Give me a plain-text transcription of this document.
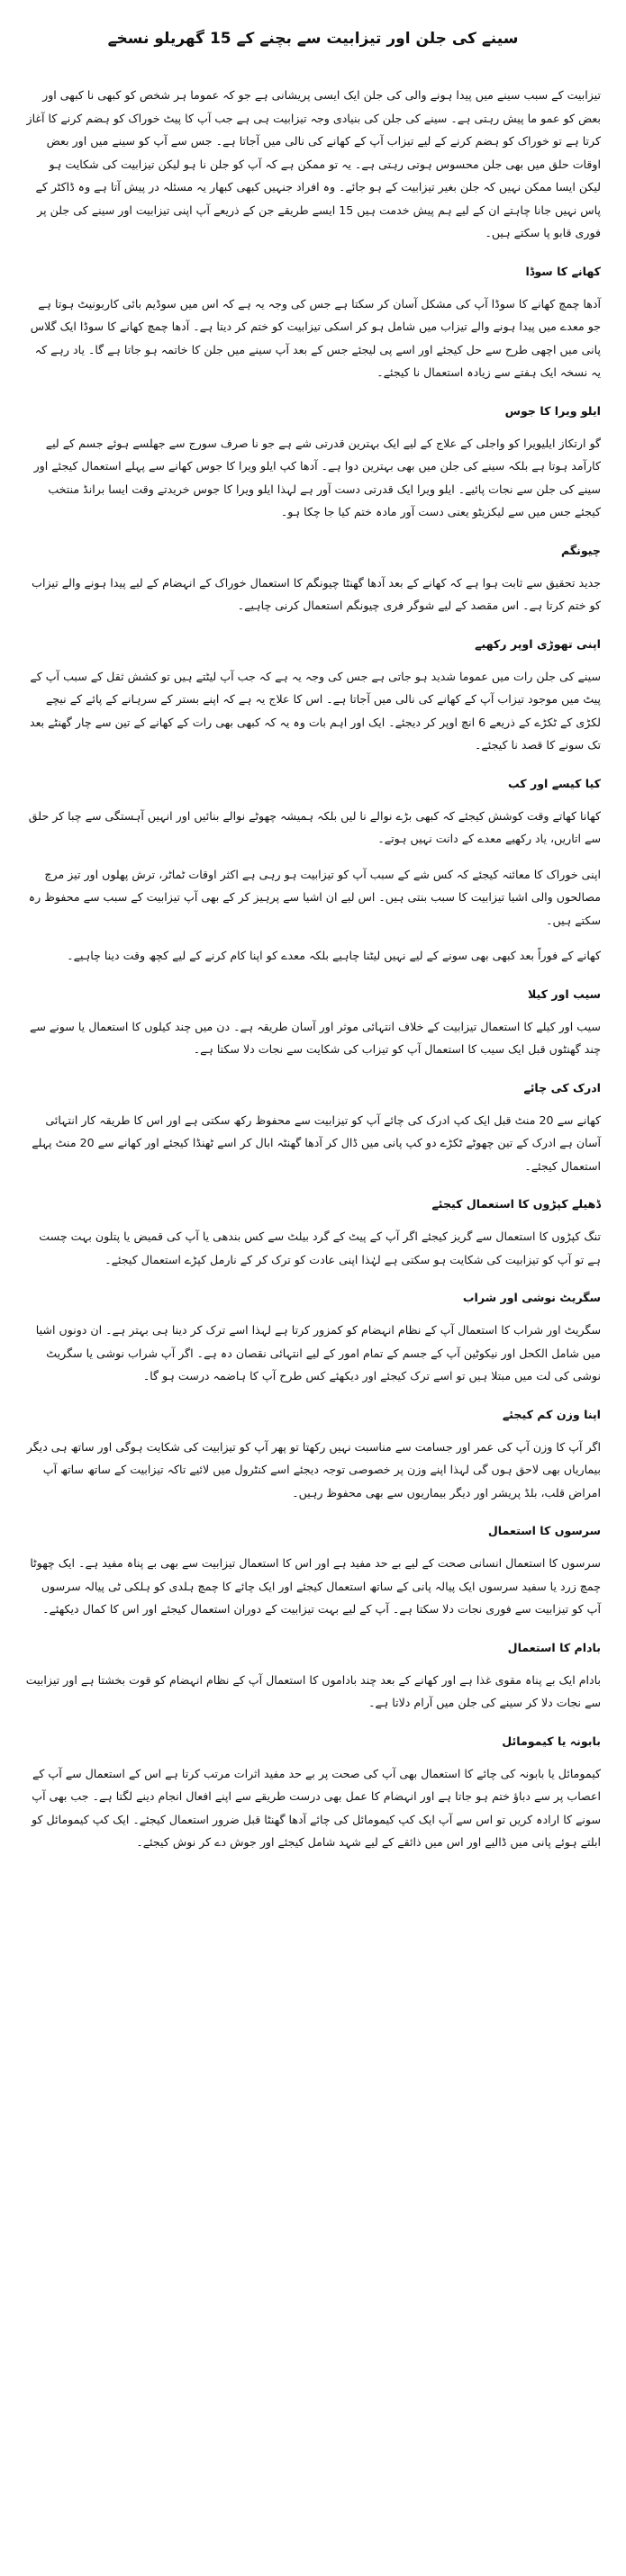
سینے کی جلن اور تیزابیت سے بچنے کے 15 گھریلو نسخے

تیزابیت کے سبب سینے میں پیدا ہونے والی کی جلن ایک ایسی پریشانی ہے جو کہ عموما ہر شخص کو کبھی نا کبھی اور بعض کو عمو ما پیش رہتی ہے۔ سینے کی جلن کی بنیادی وجہ تیزابیت ہی ہے جب آپ کا پیٹ خوراک کو ہضم کرنے کا آغاز کرتا ہے تو خوراک کو ہضم کرنے کے لیے تیزاب آپ کے کھانے کی نالی میں آجاتا ہے۔ جس سے آپ کو سینے میں اور بعض اوقات حلق میں بھی جلن محسوس ہوتی رہتی ہے۔ یہ تو ممکن ہے کہ آپ کو جلن نا ہو لیکن تیزابیت کی شکایت ہو لیکن ایسا ممکن نہیں کہ جلن بغیر تیزابیت کے ہو جائے۔ وہ افراد جنہیں کبھی کبھار یہ مسئلہ در پیش آتا ہے وہ ڈاکٹر کے پاس نہیں جانا چاہتے ان کے لیے ہم پیش خدمت ہیں 15 ایسے طریقے جن کے ذریعے آپ اپنی تیزابیت اور سینے کی جلن پر فوری قابو پا سکتے ہیں۔

کھانے کا سوڈا

آدھا چمچ کھانے کا سوڈا آپ کی مشکل آسان کر سکتا ہے جس کی وجہ یہ ہے کہ اس میں سوڈیم بائی کاربونیٹ ہوتا ہے جو معدے میں پیدا ہونے والے تیزاب میں شامل ہو کر اسکی تیزابیت کو ختم کر دیتا ہے۔ آدھا چمچ کھانے کا سوڈا ایک گلاس پانی میں اچھی طرح سے حل کیجئے اور اسے پی لیجئے جس کے بعد آپ سینے میں جلن کا خاتمہ ہو جاتا ہے گا۔ یاد رہے کہ یہ نسخہ ایک ہفتے سے زیادہ استعمال نا کیجئے۔

ایلو ویرا کا جوس

گو ارتکاز ایلیویرا کو واجلی کے علاج کے لیے ایک بہترین قدرتی شے ہے جو نا صرف سورج سے جھلسے ہوئے جسم کے لیے کارآمد ہوتا ہے بلکہ سینے کی جلن میں بھی بہترین دوا ہے۔ آدھا کپ ایلو ویرا کا جوس کھانے سے پہلے استعمال کیجئے اور سینے کی جلن سے نجات پائیے۔ ایلو ویرا ایک قدرتی دست آور ہے لہذا ایلو ویرا کا جوس خریدتے وقت ایسا برانڈ منتخب کیجئے جس میں سے لیکزیٹو یعنی دست آور مادہ ختم کیا جا چکا ہو۔

چیونگم

جدید تحقیق سے ثابت ہوا ہے کہ کھانے کے بعد آدھا گھنٹا چیونگم کا استعمال خوراک کے انہضام کے لیے پیدا ہونے والے تیزاب کو ختم کرتا ہے۔ اس مقصد کے لیے شوگر فری چیونگم استعمال کرنی چاہیے۔

اپنی تھوڑی اوپر رکھیے

سینے کی جلن رات میں عموما شدید ہو جاتی ہے جس کی وجہ یہ ہے کہ جب آپ لیٹتے ہیں تو کشش ثقل کے سبب آپ کے پیٹ میں موجود تیزاب آپ کے کھانے کی نالی میں آجاتا ہے۔ اس کا علاج یہ ہے کہ اپنے بستر کے سرہانے کے پائے کے نیچے لکڑی کے ٹکڑے کے ذریعے 6 انچ اوپر کر دیجئے۔ ایک اور اہم بات وہ یہ کہ کبھی بھی رات کے کھانے کے تین سے چار گھنٹے بعد تک سونے کا قصد نا کیجئے۔

کیا کیسے اور کب

کھانا کھاتے وقت کوشش کیجئے کہ کبھی بڑے نوالے نا لیں بلکہ ہمیشہ چھوٹے نوالے بنائیں اور انہیں آہستگی سے چبا کر حلق سے اتاریں، یاد رکھیے معدے کے دانت نہیں ہوتے۔

اپنی خوراک کا معائنہ کیجئے کہ کس شے کے سبب آپ کو تیزابیت ہو رہی ہے اکثر اوقات ٹماٹر، ترش پھلوں اور تیز مرچ مصالحوں والی اشیا تیزابیت کا سبب بنتی ہیں۔ اس لیے ان اشیا سے پرہیز کر کے بھی آپ تیزابیت کے سبب سے محفوظ رہ سکتے ہیں۔

کھانے کے فوراً بعد کبھی بھی سونے کے لیے نہیں لیٹنا چاہیے بلکہ معدے کو اپنا کام کرنے کے لیے کچھ وقت دینا چاہیے۔

سیب اور کیلا

سیب اور کیلے کا استعمال تیزابیت کے خلاف انتہائی موثر اور آسان طریقہ ہے۔ دن میں چند کیلوں کا استعمال یا سونے سے چند گھنٹوں قبل ایک سیب کا استعمال آپ کو تیزاب کی شکایت سے نجات دلا سکتا ہے۔

ادرک کی چائے

کھانے سے 20 منٹ قبل ایک کپ ادرک کی چائے آپ کو تیزابیت سے محفوظ رکھ سکتی ہے اور اس کا طریقہ کار انتہائی آسان ہے ادرک کے تین چھوٹے ٹکڑے دو کپ پانی میں ڈال کر آدھا گھنٹہ ابال کر اسے ٹھنڈا کیجئے اور کھانے سے 20 منٹ پہلے استعمال کیجئے۔

ڈھیلے کپڑوں کا استعمال کیجئے

تنگ کپڑوں کا استعمال سے گریز کیجئے اگر آپ کے پیٹ کے گرد بیلٹ سے کس بندھی یا آپ کی قمیض یا پتلون بہت چست ہے تو آپ کو تیزابیت کی شکایت ہو سکتی ہے لہٰذا اپنی عادت کو ترک کر کے نارمل کپڑے استعمال کیجئے۔

سگریٹ نوشی اور شراب

سگریٹ اور شراب کا استعمال آپ کے نظام انہضام کو کمزور کرتا ہے لہذا اسے ترک کر دینا ہی بہتر ہے۔ ان دونوں اشیا میں شامل الکحل اور نیکوٹین آپ کے جسم کے تمام امور کے لیے انتہائی نقصان دہ ہے۔ اگر آپ شراب نوشی یا سگریٹ نوشی کی لت میں مبتلا ہیں تو اسے ترک کیجئے اور دیکھئے کس طرح آپ کا ہاضمہ درست ہو گا۔

اپنا وزن کم کیجئے

اگر آپ کا وزن آپ کی عمر اور جسامت سے مناسبت نہیں رکھتا تو پھر آپ کو تیزابیت کی شکایت ہوگی اور ساتھ ہی دیگر بیماریاں بھی لاحق ہوں گی لہذا اپنے وزن پر خصوصی توجہ دیجئے اسے کنٹرول میں لائیے تاکہ تیزابیت کے ساتھ ساتھ آپ امراض قلب، بلڈ پریشر اور دیگر بیماریوں سے بھی محفوظ رہیں۔

سرسوں کا استعمال

سرسوں کا استعمال انسانی صحت کے لیے بے حد مفید ہے اور اس کا استعمال تیزابیت سے بھی بے پناہ مفید ہے۔ ایک چھوٹا چمچ زرد یا سفید سرسوں ایک پیالہ پانی کے ساتھ استعمال کیجئے اور ایک چائے کا چمچ ہلدی کو ہلکی ٹی پیالہ سرسوں آپ کو تیزابیت سے فوری نجات دلا سکتا ہے۔ آپ کے لیے بہت تیزابیت کے دوران استعمال کیجئے اور اس کا کمال دیکھئے۔

بادام کا استعمال

بادام ایک بے پناہ مقوی غذا ہے اور کھانے کے بعد چند باداموں کا استعمال آپ کے نظام انہضام کو قوت بخشتا ہے اور تیزابیت سے نجات دلا کر سینے کی جلن میں آرام دلاتا ہے۔

بابونہ یا کیمومائل

کیمومائل یا بابونہ کی چائے کا استعمال بھی آپ کی صحت پر بے حد مفید اثرات مرتب کرتا ہے اس کے استعمال سے آپ کے اعصاب پر سے دباؤ ختم ہو جاتا ہے اور انہضام کا عمل بھی درست طریقے سے اپنے افعال انجام دینے لگتا ہے۔ جب بھی آپ سونے کا ارادہ کریں تو اس سے آپ ایک کپ کیمومائل کی چائے آدھا گھنٹا قبل ضرور استعمال کیجئے۔ ایک کپ کیمومائل کو ابلتے ہوئے پانی میں ڈالیے اور اس میں ذائقے کے لیے شہد شامل کیجئے اور جوش دے کر نوش کیجئے۔
